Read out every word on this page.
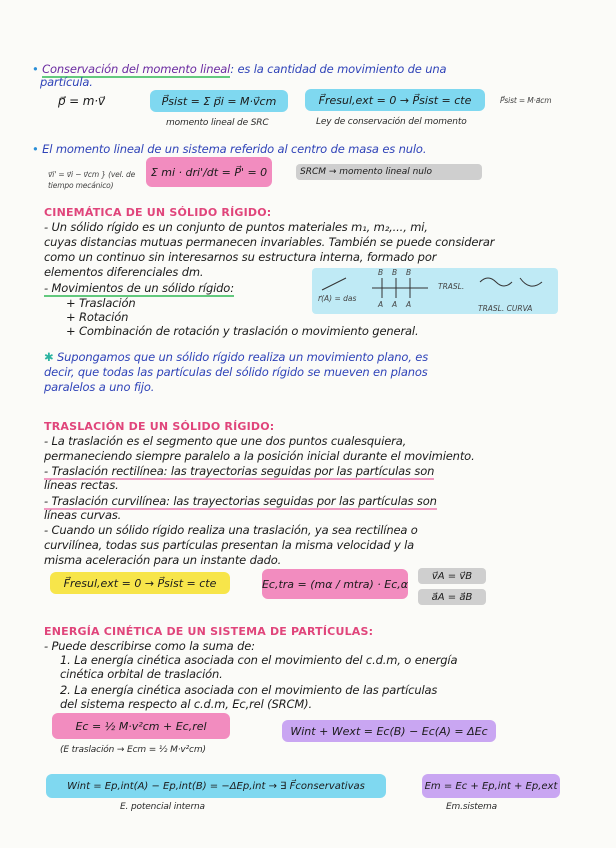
• Conservación del momento lineal: es la cantidad de movimiento de una
partícula.
p⃗ = m·v⃗	P⃗sist = Σ p⃗i = M·v⃗cm
momento lineal de SRC
F⃗resul,ext = 0 → P⃗sist = cte
Ley de conservación del momento
P⃗sist = M·a⃗cm
• El momento lineal de un sistema referido al centro de masa es nulo.
v⃗i' = v⃗i − v⃗cm } (vel. de
tiempo mecánico)
Σ mi · dri'/dt = P⃗' = 0	SRCM → momento lineal nulo
CINEMÁTICA DE UN SÓLIDO RÍGIDO:
- Un sólido rígido es un conjunto de puntos materiales m₁, m₂,..., mi,
cuyas distancias mutuas permanecen invariables. También se puede considerar
como un continuo sin interesarnos su estructura interna, formado por
elementos diferenciales dm.
- Movimientos de un sólido rígido:
+ Traslación
+ Rotación
+ Combinación de rotación y traslación o movimiento general.
r⃗(A) = das
TRASL.
TRASL. CURVA
B B B
A A A
✱ Supongamos que un sólido rígido realiza un movimiento plano, es
decir, que todas las partículas del sólido rígido se mueven en planos
paralelos a uno fijo.
TRASLACIÓN DE UN SÓLIDO RÍGIDO:
- La traslación es el segmento que une dos puntos cualesquiera,
permaneciendo siempre paralelo a la posición inicial durante el movimiento.
- Traslación rectilínea: las trayectorias seguidas por las partículas son
líneas rectas.
- Traslación curvilínea: las trayectorias seguidas por las partículas son
líneas curvas.
- Cuando un sólido rígido realiza una traslación, ya sea rectilínea o
curvilínea, todas sus partículas presentan la misma velocidad y la
misma aceleración para un instante dado.
F⃗resul,ext = 0 → P⃗sist = cte	Ec,tra = (mα / mtra) · Ec,α
v⃗A = v⃗B
a⃗A = a⃗B
ENERGÍA CINÉTICA DE UN SISTEMA DE PARTÍCULAS:
- Puede describirse como la suma de:
1. La energía cinética asociada con el movimiento del c.d.m, o energía
cinética orbital de traslación.
2. La energía cinética asociada con el movimiento de las partículas
del sistema respecto al c.d.m, Ec,rel (SRCM).
Ec = ½ M·v²cm + Ec,rel
(E traslación → Ecm = ½ M·v²cm)
Wint + Wext = Ec(B) − Ec(A) = ΔEc
Wint = Ep,int(A) − Ep,int(B) = −ΔEp,int → ∃ F⃗conservativas
E. potencial interna
Em = Ec + Ep,int + Ep,ext
Em.sistema
